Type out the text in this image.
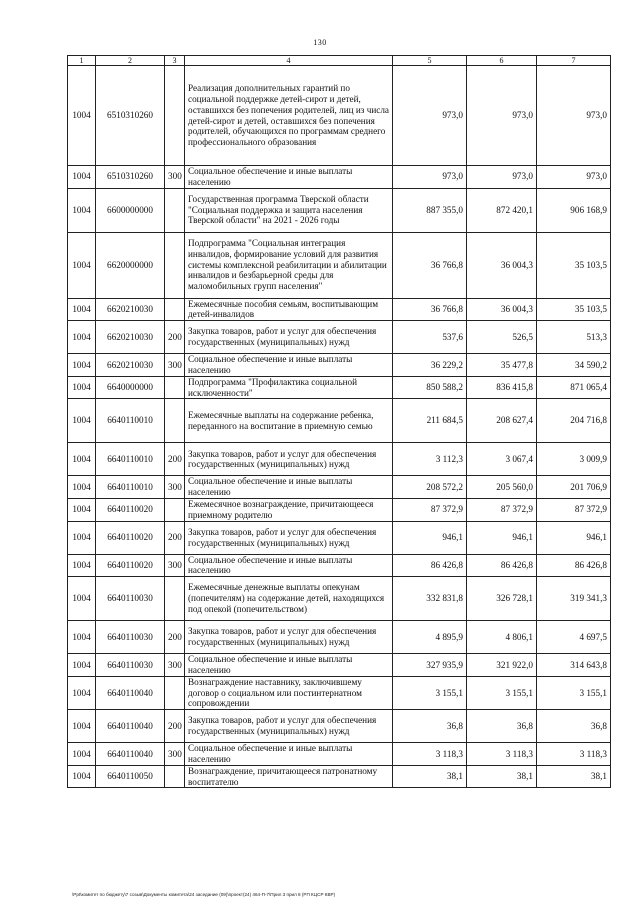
130
1	2	3	4	5	6	7
1004	6510310260		Реализация дополнительных гарантий по социальной поддержке детей-сирот и детей, оставшихся без попечения родителей, лиц из числа детей-сирот и детей, оставшихся без попечения родителей, обучающихся по программам среднего профессионального образования	973,0	973,0	973,0
1004	6510310260	300	Социальное обеспечение и иные выплаты населению	973,0	973,0	973,0
1004	6600000000		Государственная программа Тверской области "Социальная поддержка и защита населения Тверской области" на 2021 - 2026 годы	887 355,0	872 420,1	906 168,9
1004	6620000000		Подпрограмма "Социальная интеграция инвалидов, формирование условий для развития системы комплексной реабилитации и абилитации инвалидов и безбарьерной среды для маломобильных групп населения"	36 766,8	36 004,3	35 103,5
1004	6620210030		Ежемесячные пособия семьям, воспитывающим детей-инвалидов	36 766,8	36 004,3	35 103,5
1004	6620210030	200	Закупка товаров, работ и услуг для обеспечения государственных (муниципальных) нужд	537,6	526,5	513,3
1004	6620210030	300	Социальное обеспечение и иные выплаты населению	36 229,2	35 477,8	34 590,2
1004	6640000000		Подпрограмма "Профилактика социальной исключенности"	850 588,2	836 415,8	871 065,4
1004	6640110010		Ежемесячные выплаты на содержание ребенка, переданного на воспитание в приемную семью	211 684,5	208 627,4	204 716,8
1004	6640110010	200	Закупка товаров, работ и услуг для обеспечения государственных (муниципальных) нужд	3 112,3	3 067,4	3 009,9
1004	6640110010	300	Социальное обеспечение и иные выплаты населению	208 572,2	205 560,0	201 706,9
1004	6640110020		Ежемесячное вознаграждение, причитающееся приемному родителю	87 372,9	87 372,9	87 372,9
1004	6640110020	200	Закупка товаров, работ и услуг для обеспечения государственных (муниципальных) нужд	946,1	946,1	946,1
1004	6640110020	300	Социальное обеспечение и иные выплаты населению	86 426,8	86 426,8	86 426,8
1004	6640110030		Ежемесячные денежные выплаты опекунам (попечителям) на содержание детей, находящихся под опекой (попечительством)	332 831,8	326 728,1	319 341,3
1004	6640110030	200	Закупка товаров, работ и услуг для обеспечения государственных (муниципальных) нужд	4 895,9	4 806,1	4 697,5
1004	6640110030	300	Социальное обеспечение и иные выплаты населению	327 935,9	321 922,0	314 643,8
1004	6640110040		Вознаграждение наставнику, заключившему договор о социальном или постинтернатном сопровождении	3 155,1	3 155,1	3 155,1
1004	6640110040	200	Закупка товаров, работ и услуг для обеспечения государственных (муниципальных) нужд	36,8	36,8	36,8
1004	6640110040	300	Социальное обеспечение и иные выплаты населению	3 118,3	3 118,3	3 118,3
1004	6640110050		Вознаграждение, причитающееся патронатному воспитателю	38,1	38,1	38,1
\Ppt\комитет по бюджету\7 созыв\Документы комитета\24 заседание (09)\проект(24) 464-П-7\Прил 3 прил 8 (РП КЦСР КВР)
